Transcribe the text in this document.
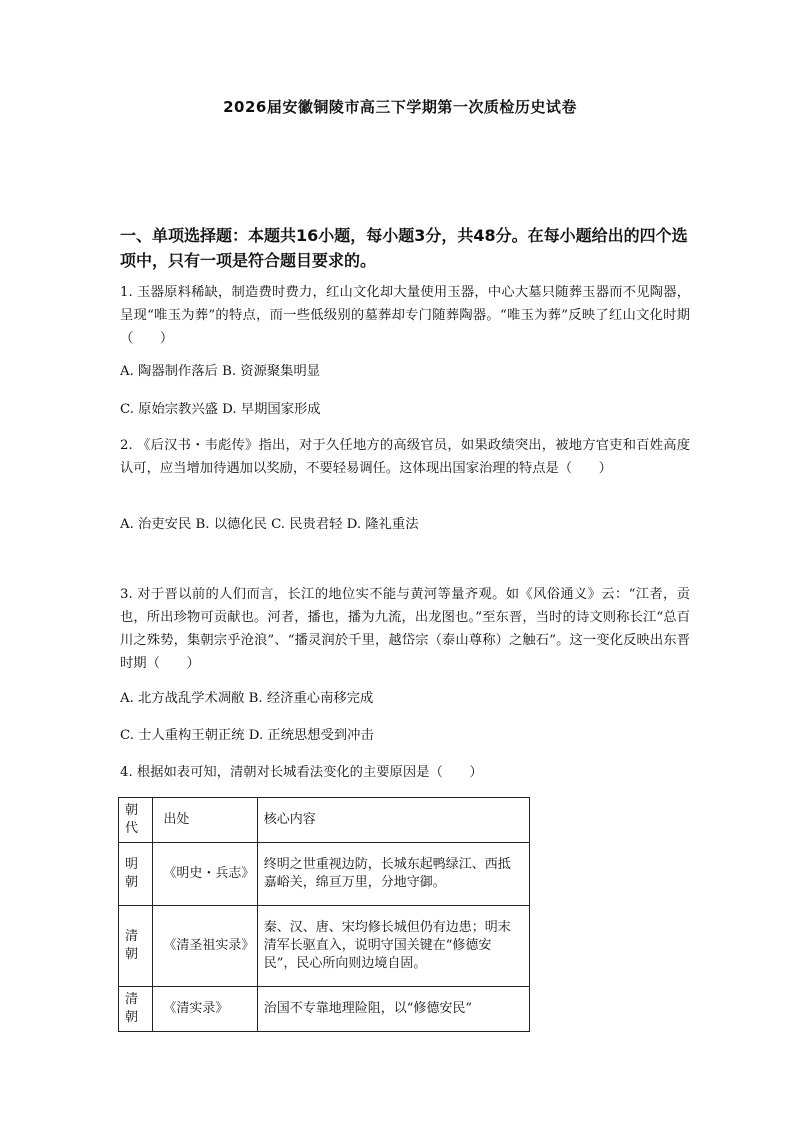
2026届安徽铜陵市高三下学期第一次质检历史试卷
一、单项选择题：本题共16小题，每小题3分，共48分。在每小题给出的四个选项中，只有一项是符合题目要求的。
1. 玉器原料稀缺，制造费时费力，红山文化却大量使用玉器，中心大墓只随葬玉器而不见陶器，呈现“唯玉为葬”的特点，而一些低级别的墓葬却专门随葬陶器。“唯玉为葬”反映了红山文化时期（　　）
A. 陶器制作落后 B. 资源聚集明显
C. 原始宗教兴盛 D. 早期国家形成
2. 《后汉书・韦彪传》指出，对于久任地方的高级官员，如果政绩突出，被地方官吏和百姓高度认可，应当增加待遇加以奖励，不要轻易调任。这体现出国家治理的特点是（　　）
A. 治吏安民 B. 以德化民 C. 民贵君轻 D. 隆礼重法
3. 对于晋以前的人们而言，长江的地位实不能与黄河等量齐观。如《风俗通义》云：“江者，贡也，所出珍物可贡献也。河者，播也，播为九流，出龙图也。”至东晋，当时的诗文则称长江“总百川之殊势，集朝宗乎沧浪”、“播灵润於千里，越岱宗（泰山尊称）之触石”。这一变化反映出东晋时期（　　）
A. 北方战乱学术凋敝 B. 经济重心南移完成
C. 士人重构王朝正统 D. 正统思想受到冲击
4. 根据如表可知，清朝对长城看法变化的主要原因是（　　）
朝代	出处	核心内容
明朝	《明史・兵志》	终明之世重视边防，长城东起鸭绿江、西抵嘉峪关，绵亘万里，分地守御。
清朝	《清圣祖实录》	秦、汉、唐、宋均修长城但仍有边患；明末清军长驱直入，说明守国关键在“修德安民”，民心所向则边境自固。
清朝	《清实录》	治国不专靠地理险阻，以“修德安民”
